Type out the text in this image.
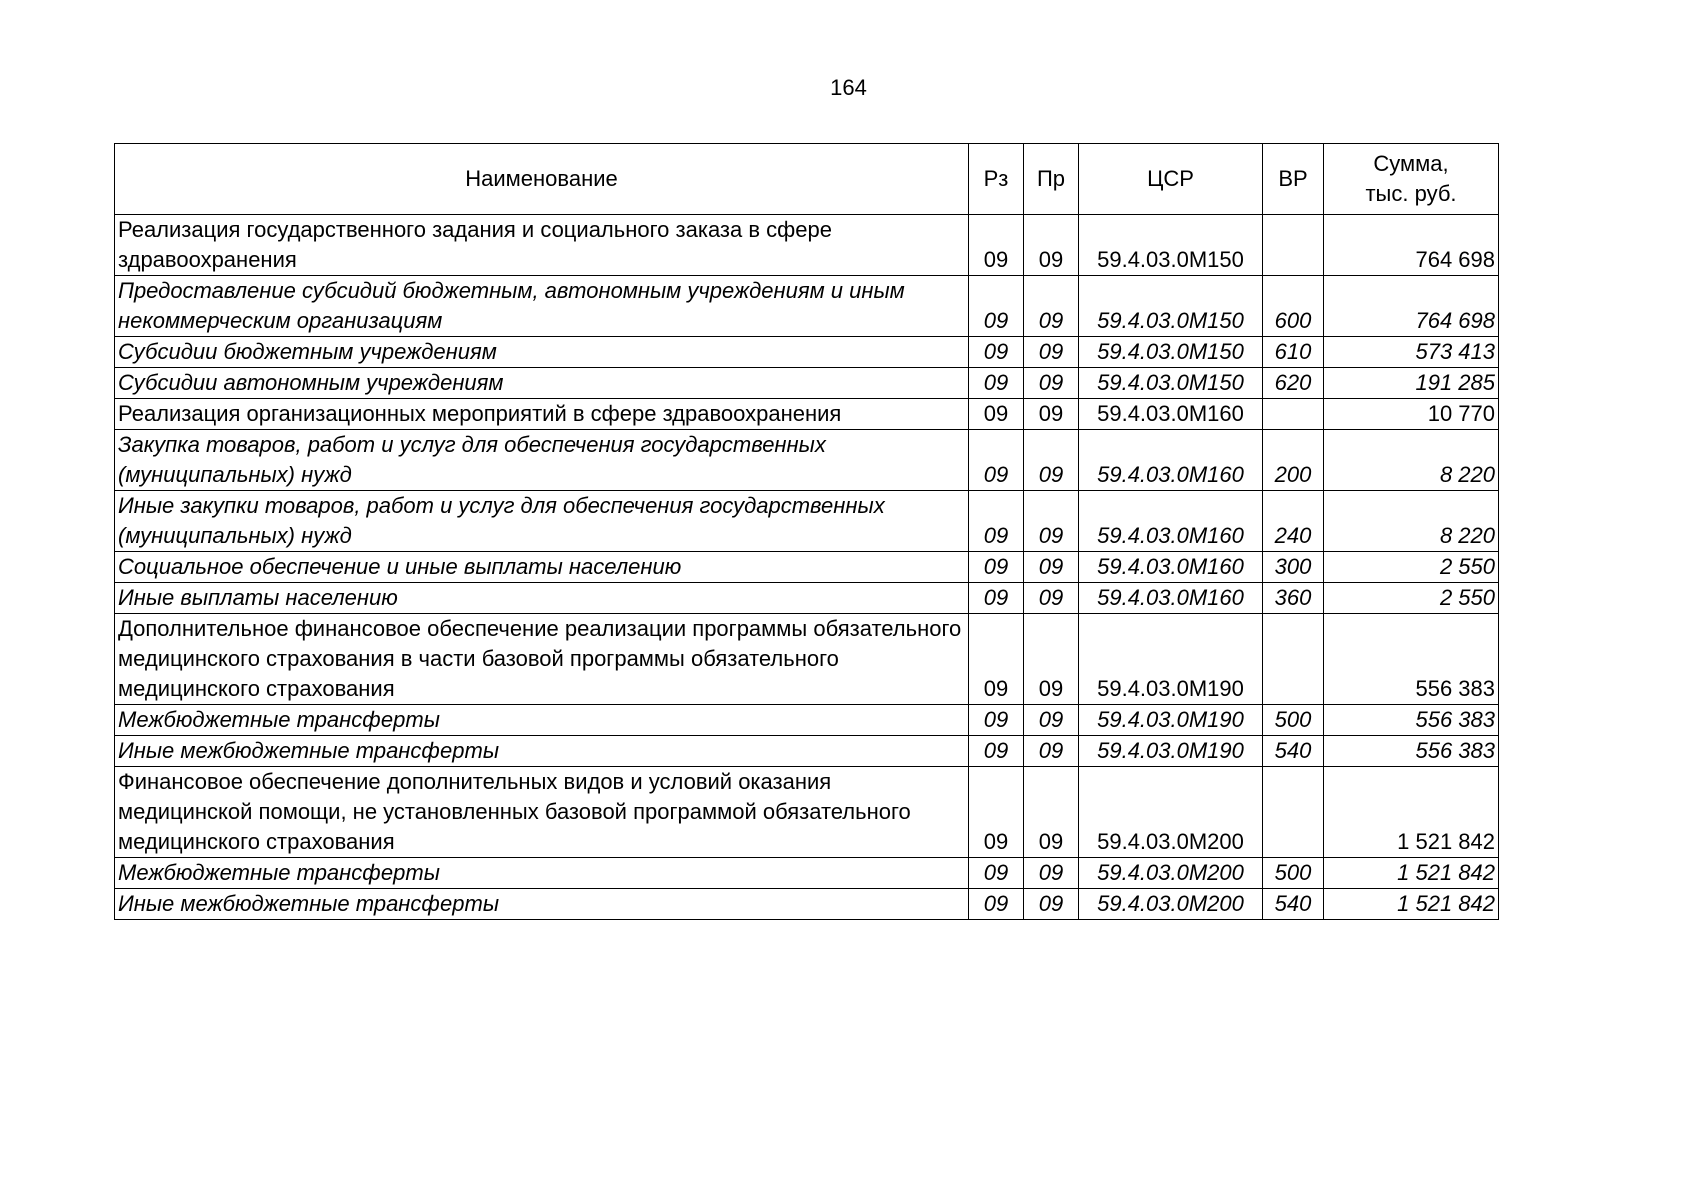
164
Наименование	Рз	Пр	ЦСР	ВР	Сумма,
тыс. руб.
Реализация государственного задания и социального заказа в сфере здравоохранения	09	09	59.4.03.0М150		764 698
Предоставление субсидий бюджетным, автономным учреждениям и иным некоммерческим организациям	09	09	59.4.03.0М150	600	764 698
Субсидии бюджетным учреждениям	09	09	59.4.03.0М150	610	573 413
Субсидии автономным учреждениям	09	09	59.4.03.0М150	620	191 285
Реализация организационных мероприятий в сфере здравоохранения	09	09	59.4.03.0М160		10 770
Закупка товаров, работ и услуг для обеспечения государственных (муниципальных) нужд	09	09	59.4.03.0М160	200	8 220
Иные закупки товаров, работ и услуг для обеспечения государственных (муниципальных) нужд	09	09	59.4.03.0М160	240	8 220
Социальное обеспечение и иные выплаты населению	09	09	59.4.03.0М160	300	2 550
Иные выплаты населению	09	09	59.4.03.0М160	360	2 550
Дополнительное финансовое обеспечение реализации программы обязательного медицинского страхования в части базовой программы обязательного медицинского страхования	09	09	59.4.03.0М190		556 383
Межбюджетные трансферты	09	09	59.4.03.0М190	500	556 383
Иные межбюджетные трансферты	09	09	59.4.03.0М190	540	556 383
Финансовое обеспечение дополнительных видов и условий оказания медицинской помощи, не установленных базовой программой обязательного медицинского страхования	09	09	59.4.03.0М200		1 521 842
Межбюджетные трансферты	09	09	59.4.03.0М200	500	1 521 842
Иные межбюджетные трансферты	09	09	59.4.03.0М200	540	1 521 842
